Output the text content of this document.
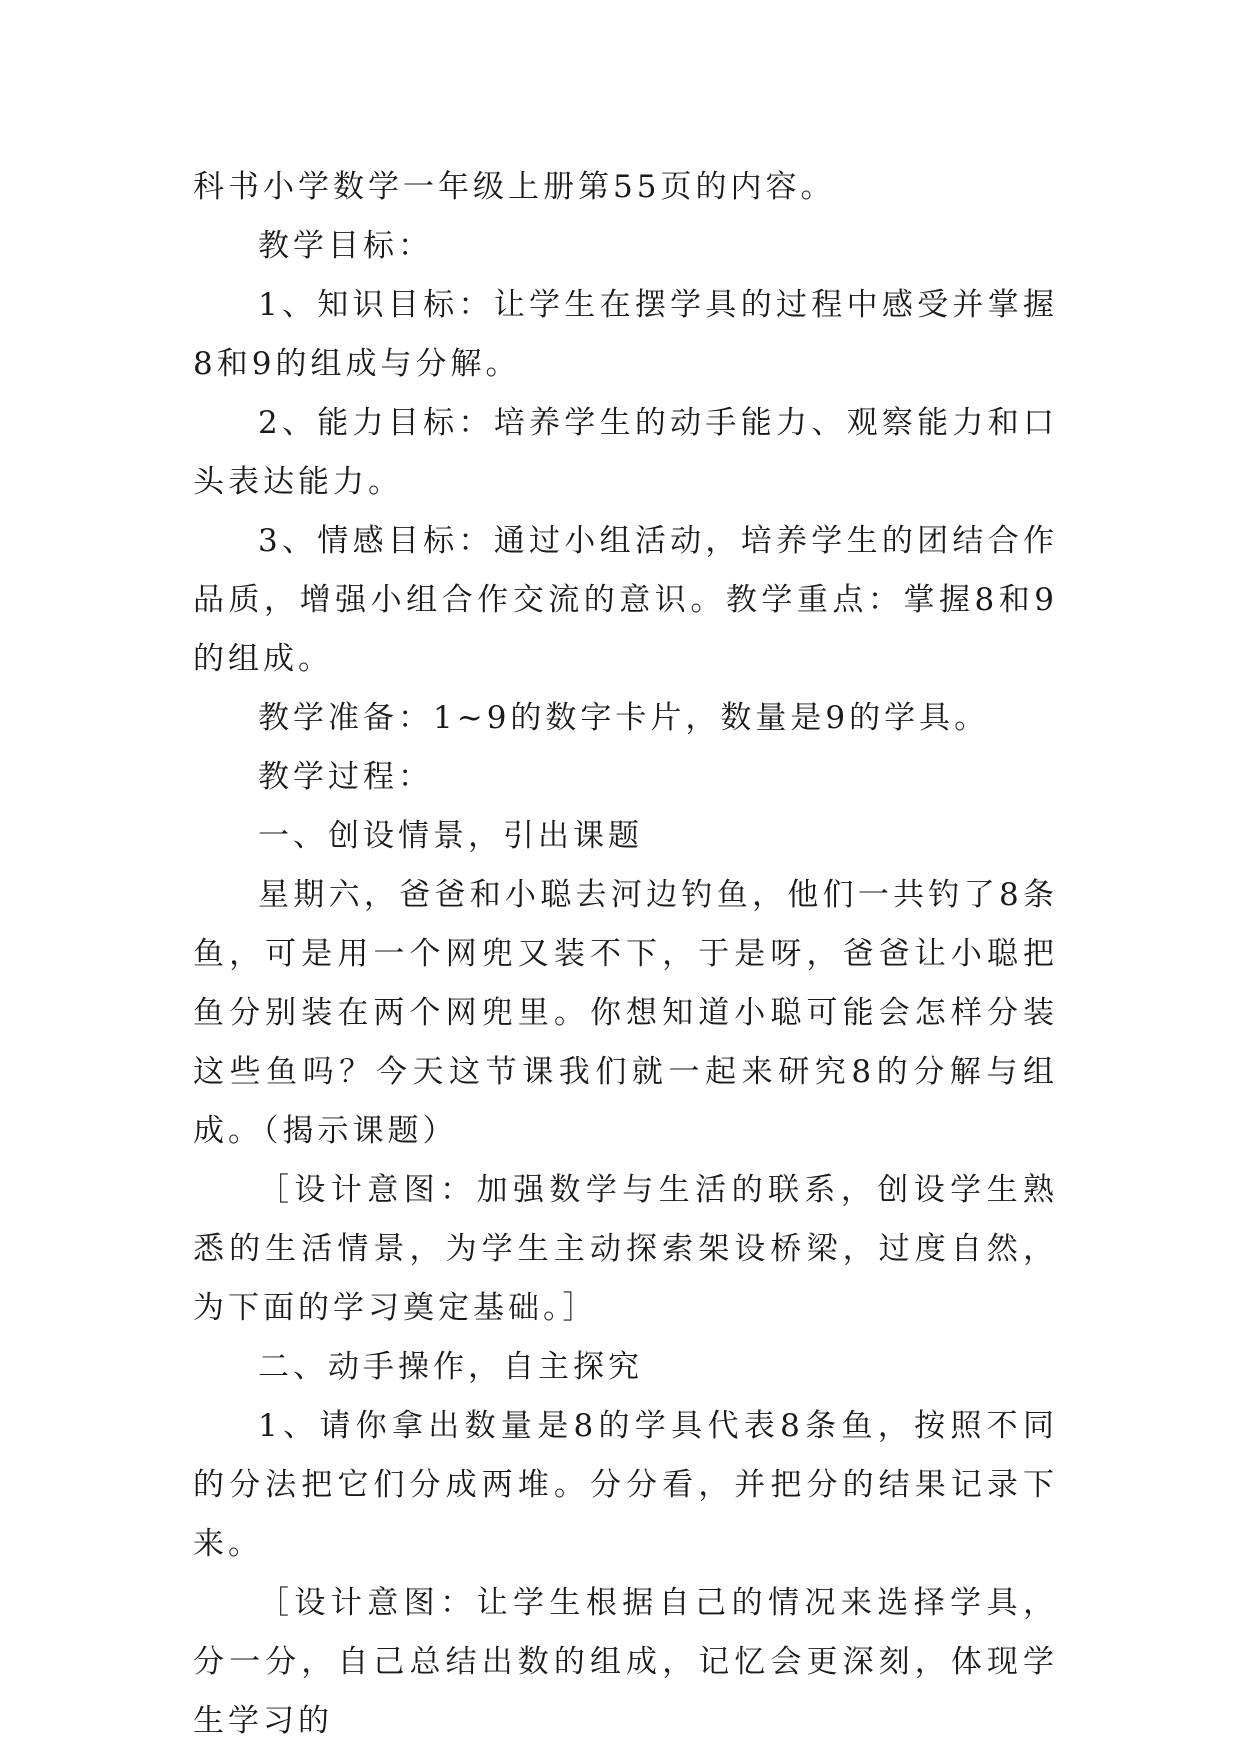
科书小学数学一年级上册第55页的内容。

教学目标：

1、知识目标：让学生在摆学具的过程中感受并掌握8和9的组成与分解。

2、能力目标：培养学生的动手能力、观察能力和口头表达能力。

3、情感目标：通过小组活动，培养学生的团结合作品质，增强小组合作交流的意识。教学重点：掌握8和9的组成。

教学准备：1~9的数字卡片，数量是9的学具。

教学过程：

一、创设情景，引出课题

星期六，爸爸和小聪去河边钓鱼，他们一共钓了8条鱼，可是用一个网兜又装不下，于是呀，爸爸让小聪把鱼分别装在两个网兜里。你想知道小聪可能会怎样分装这些鱼吗？今天这节课我们就一起来研究8的分解与组成。（揭示课题）

［设计意图：加强数学与生活的联系，创设学生熟悉的生活情景，为学生主动探索架设桥梁，过度自然，为下面的学习奠定基础。］

二、动手操作，自主探究

1、请你拿出数量是8的学具代表8条鱼，按照不同的分法把它们分成两堆。分分看，并把分的结果记录下来。

［设计意图：让学生根据自己的情况来选择学具，分一分，自己总结出数的组成，记忆会更深刻，体现学生学习的
